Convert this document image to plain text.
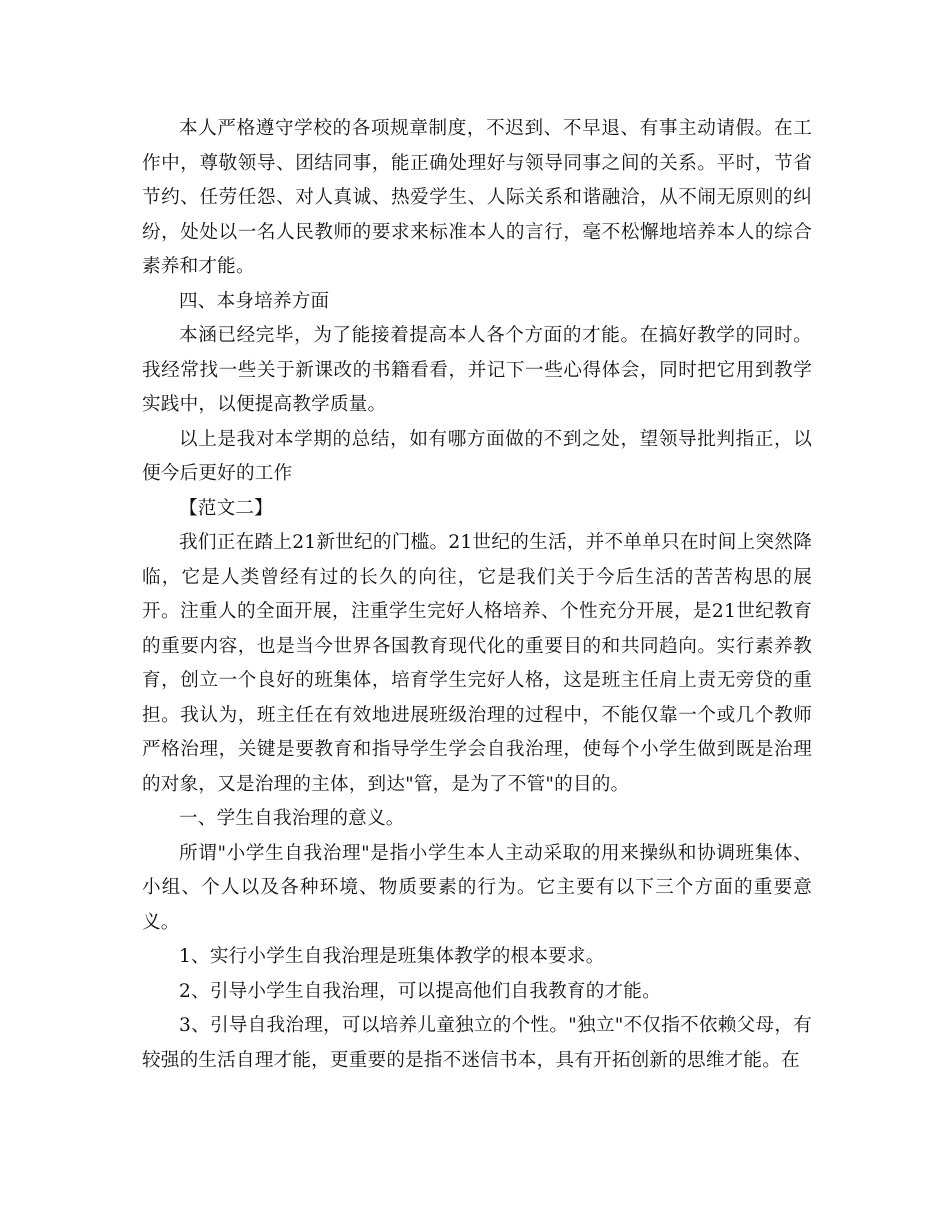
本人严格遵守学校的各项规章制度，不迟到、不早退、有事主动请假。在工作中，尊敬领导、团结同事，能正确处理好与领导同事之间的关系。平时，节省节约、任劳任怨、对人真诚、热爱学生、人际关系和谐融洽，从不闹无原则的纠纷，处处以一名人民教师的要求来标准本人的言行，毫不松懈地培养本人的综合素养和才能。

四、本身培养方面

本涵已经完毕，为了能接着提高本人各个方面的才能。在搞好教学的同时。我经常找一些关于新课改的书籍看看，并记下一些心得体会，同时把它用到教学实践中，以便提高教学质量。

以上是我对本学期的总结，如有哪方面做的不到之处，望领导批判指正，以便今后更好的工作

【范文二】

我们正在踏上21新世纪的门槛。21世纪的生活，并不单单只在时间上突然降临，它是人类曾经有过的长久的向往，它是我们关于今后生活的苦苦构思的展开。注重人的全面开展，注重学生完好人格培养、个性充分开展，是21世纪教育的重要内容，也是当今世界各国教育现代化的重要目的和共同趋向。实行素养教育，创立一个良好的班集体，培育学生完好人格，这是班主任肩上责无旁贷的重担。我认为，班主任在有效地进展班级治理的过程中，不能仅靠一个或几个教师严格治理，关键是要教育和指导学生学会自我治理，使每个小学生做到既是治理的对象，又是治理的主体，到达"管，是为了不管"的目的。

一、学生自我治理的意义。

所谓"小学生自我治理"是指小学生本人主动采取的用来操纵和协调班集体、小组、个人以及各种环境、物质要素的行为。它主要有以下三个方面的重要意义。

1、实行小学生自我治理是班集体教学的根本要求。

2、引导小学生自我治理，可以提高他们自我教育的才能。

3、引导自我治理，可以培养儿童独立的个性。"独立"不仅指不依赖父母，有较强的生活自理才能，更重要的是指不迷信书本，具有开拓创新的思维才能。在
